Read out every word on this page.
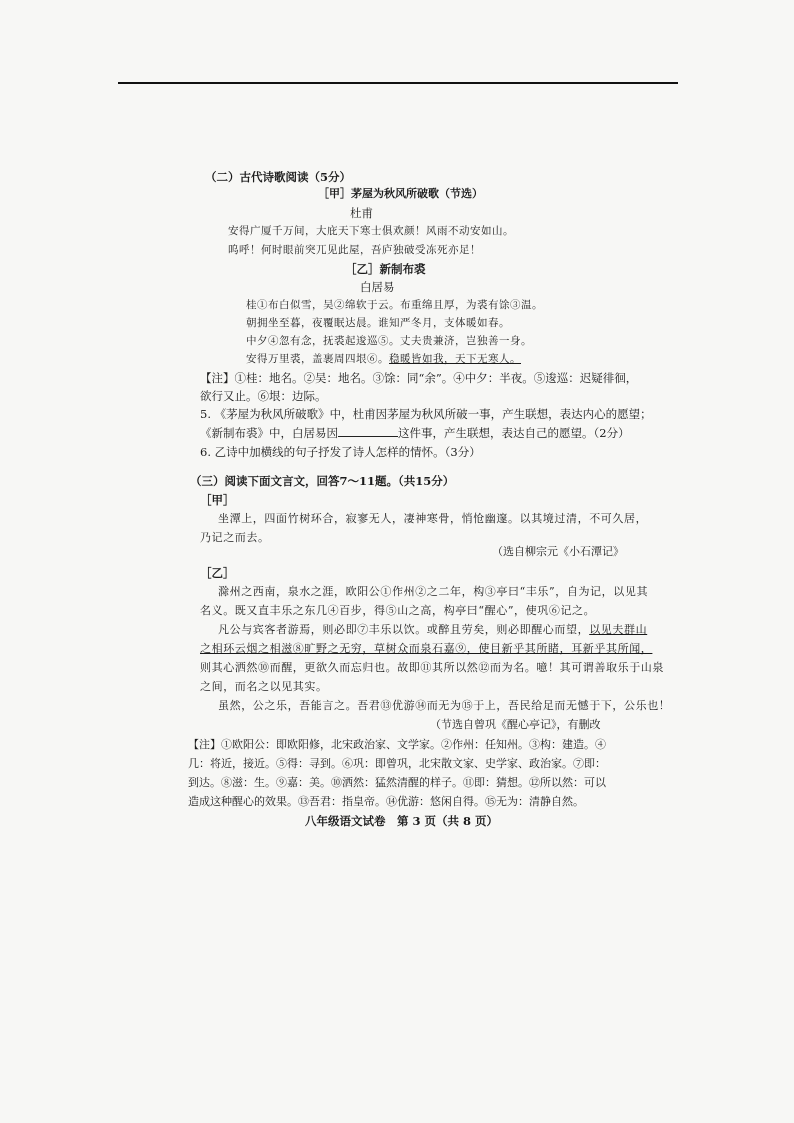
（二）古代诗歌阅读（5分）
［甲］茅屋为秋风所破歌（节选）
杜甫
安得广厦千万间，大庇天下寒士俱欢颜！风雨不动安如山。
呜呼！何时眼前突兀见此屋，吾庐独破受冻死亦足！
［乙］新制布裘
白居易
桂①布白似雪，吴②绵软于云。布重绵且厚，为裘有馀③温。
朝拥坐至暮，夜覆眠达晨。谁知严冬月，支体暖如春。
中夕④忽有念，抚裘起逡巡⑤。丈夫贵兼济，岂独善一身。
安得万里裘，盖裹周四垠⑥。稳暖皆如我，天下无寒人。
【注】①桂：地名。②吴：地名。③馀：同“余”。④中夕：半夜。⑤逡巡：迟疑徘徊，
欲行又止。⑥垠：边际。
5. 《茅屋为秋风所破歌》中，杜甫因茅屋为秋风所破一事，产生联想，表达内心的愿望；
《新制布裘》中，白居易因	这件事，产生联想，表达自己的愿望。（2分）
6. 乙诗中加横线的句子抒发了诗人怎样的情怀。（3分）
（三）阅读下面文言文，回答7～11题。（共15分）
［甲］
坐潭上，四面竹树环合，寂寥无人，凄神寒骨，悄怆幽邃。以其境过清，不可久居，
乃记之而去。
（选自柳宗元《小石潭记》
［乙］
滁州之西南，泉水之涯，欧阳公①作州②之二年，构③亭曰“丰乐”，自为记，以见其
名义。既又直丰乐之东几④百步，得⑤山之高，构亭曰“醒心”，使巩⑥记之。
凡公与宾客者游焉，则必即⑦丰乐以饮。或醉且劳矣，则必即醒心而望，以见夫群山
之相环云烟之相滋⑧旷野之无穷，草树众而泉石嘉⑨，使目新乎其所睹，耳新乎其所闻，
则其心洒然⑩而醒，更欲久而忘归也。故即⑪其所以然⑫而为名。噫！其可谓善取乐于山泉
之间，而名之以见其实。
虽然，公之乐，吾能言之。吾君⑬优游⑭而无为⑮于上，吾民给足而无憾于下，公乐也！
（节选自曾巩《醒心亭记》，有删改
【注】①欧阳公：即欧阳修，北宋政治家、文学家。②作州：任知州。③构：建造。④
几：将近，接近。⑤得：寻到。⑥巩：即曾巩，北宋散文家、史学家、政治家。⑦即：
到达。⑧滋：生。⑨嘉：美。⑩洒然：猛然清醒的样子。⑪即：猜想。⑫所以然：可以
造成这种醒心的效果。⑬吾君：指皇帝。⑭优游：悠闲自得。⑮无为：清静自然。
八年级语文试卷　第 3 页（共 8 页）
